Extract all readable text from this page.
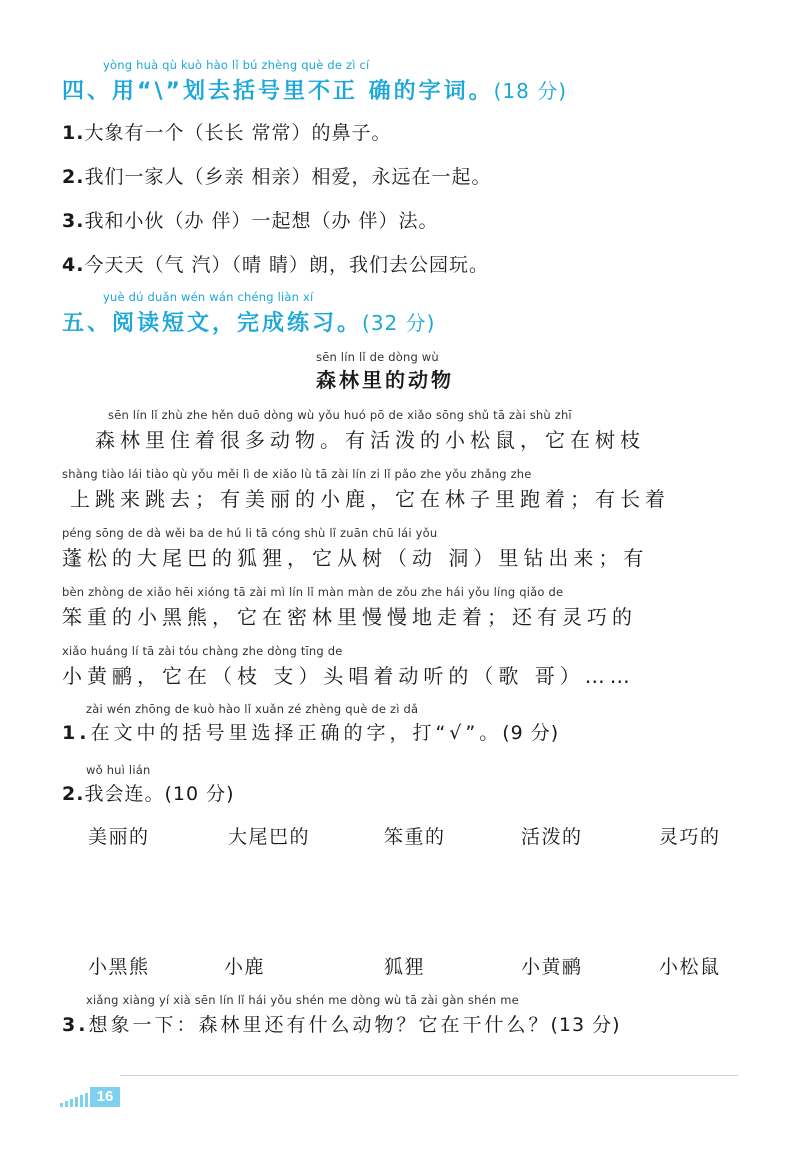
yòng huà qù kuò hào lǐ bú zhèng què de zì cí
四、用“\”划去括号里不正 确的字词。(18 分)
1.大象有一个（长长 常常）的鼻子。
2.我们一家人（乡亲 相亲）相爱，永远在一起。
3.我和小伙（办 伴）一起想（办 伴）法。
4.今天天（气 汽）（晴 睛）朗，我们去公园玩。
yuè dú duǎn wén wán chéng liàn xí
五、阅读短文，完成练习。(32 分)
sēn lín lǐ de dòng wù
森林里的动物
sēn lín lǐ zhù zhe hěn duō dòng wù yǒu huó pō de xiǎo sōng shǔ tā zài shù zhī
　森林里住着很多动物。有活泼的小松鼠，它在树枝
shàng tiào lái tiào qù yǒu měi lì de xiǎo lù tā zài lín zi lǐ pǎo zhe yǒu zhǎng zhe
上跳来跳去；有美丽的小鹿，它在林子里跑着；有长着
péng sōng de dà wěi ba de hú li tā cóng shù lǐ zuān chū lái yǒu
蓬松的大尾巴的狐狸，它从树（动 洞）里钻出来；有
bèn zhòng de xiǎo hēi xióng tā zài mì lín lǐ màn màn de zǒu zhe hái yǒu líng qiǎo de
笨重的小黑熊，它在密林里慢慢地走着；还有灵巧的
xiǎo huáng lí tā zài tóu chàng zhe dòng tīng de
小黄鹂，它在（枝 支）头唱着动听的（歌 哥）……
zài wén zhōng de kuò hào lǐ xuǎn zé zhèng què de zì dǎ
1.在文中的括号里选择正确的字，打“√”。(9 分)
wǒ huì lián
2.我会连。(10 分)
美丽的	大尾巴的	笨重的	活泼的	灵巧的
小黑熊	小鹿	狐狸	小黄鹂	小松鼠
xiǎng xiàng yí xià sēn lín lǐ hái yǒu shén me dòng wù tā zài gàn shén me
3.想象一下：森林里还有什么动物？它在干什么？(13 分)
16
